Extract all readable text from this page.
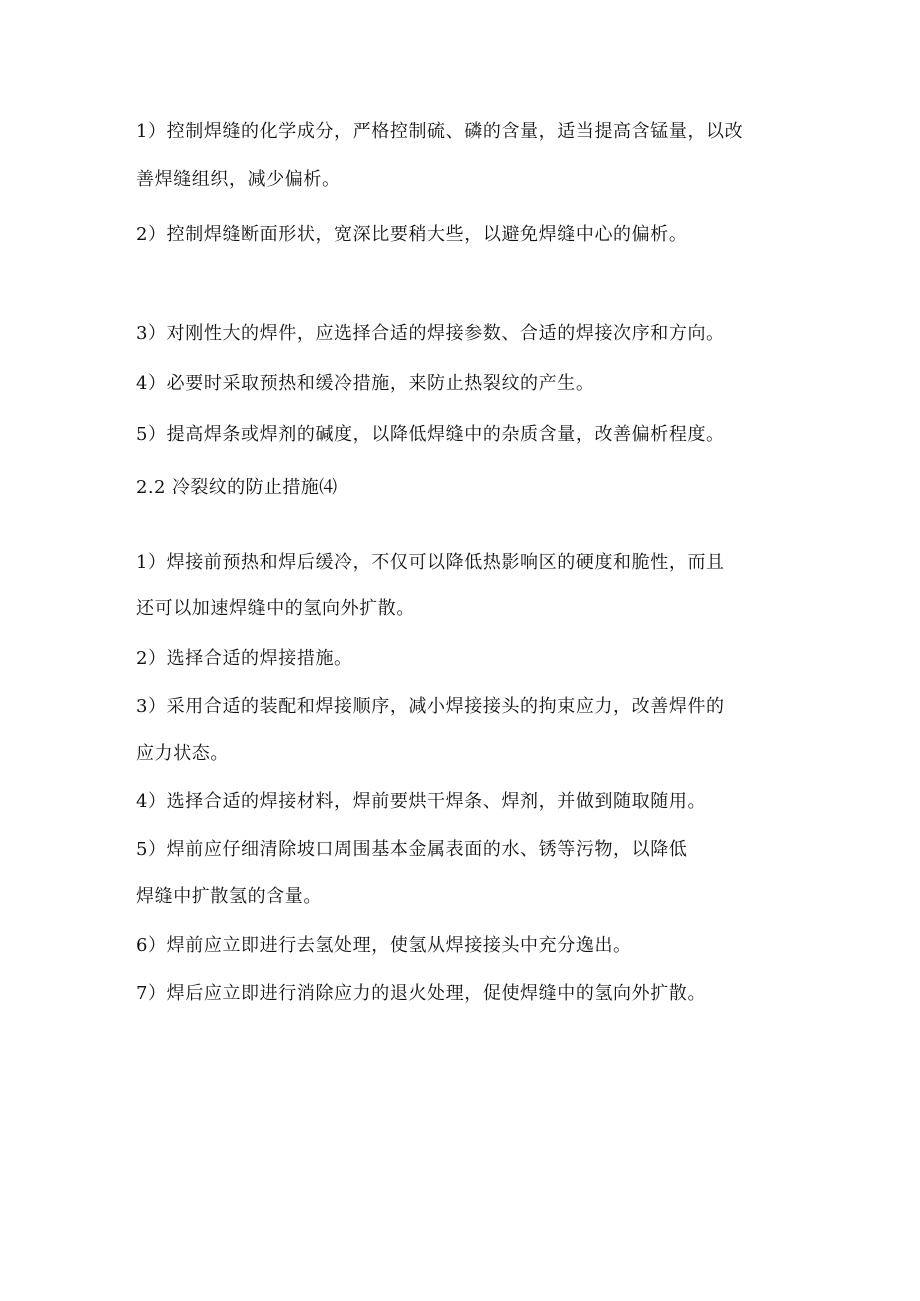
1）控制焊缝的化学成分，严格控制硫、磷的含量，适当提高含锰量，以改
善焊缝组织，减少偏析。
2）控制焊缝断面形状，宽深比要稍大些，以避免焊缝中心的偏析。
3）对刚性大的焊件，应选择合适的焊接参数、合适的焊接次序和方向。
4）必要时采取预热和缓冷措施，来防止热裂纹的产生。
5）提高焊条或焊剂的碱度，以降低焊缝中的杂质含量，改善偏析程度。
2.2 冷裂纹的防止措施⑷
1）焊接前预热和焊后缓冷，不仅可以降低热影响区的硬度和脆性，而且
还可以加速焊缝中的氢向外扩散。
2）选择合适的焊接措施。
3）采用合适的装配和焊接顺序，减小焊接接头的拘束应力，改善焊件的
应力状态。
4）选择合适的焊接材料，焊前要烘干焊条、焊剂，并做到随取随用。
5）焊前应仔细清除坡口周围基本金属表面的水、锈等污物，以降低
焊缝中扩散氢的含量。
6）焊前应立即进行去氢处理，使氢从焊接接头中充分逸出。
7）焊后应立即进行消除应力的退火处理，促使焊缝中的氢向外扩散。
